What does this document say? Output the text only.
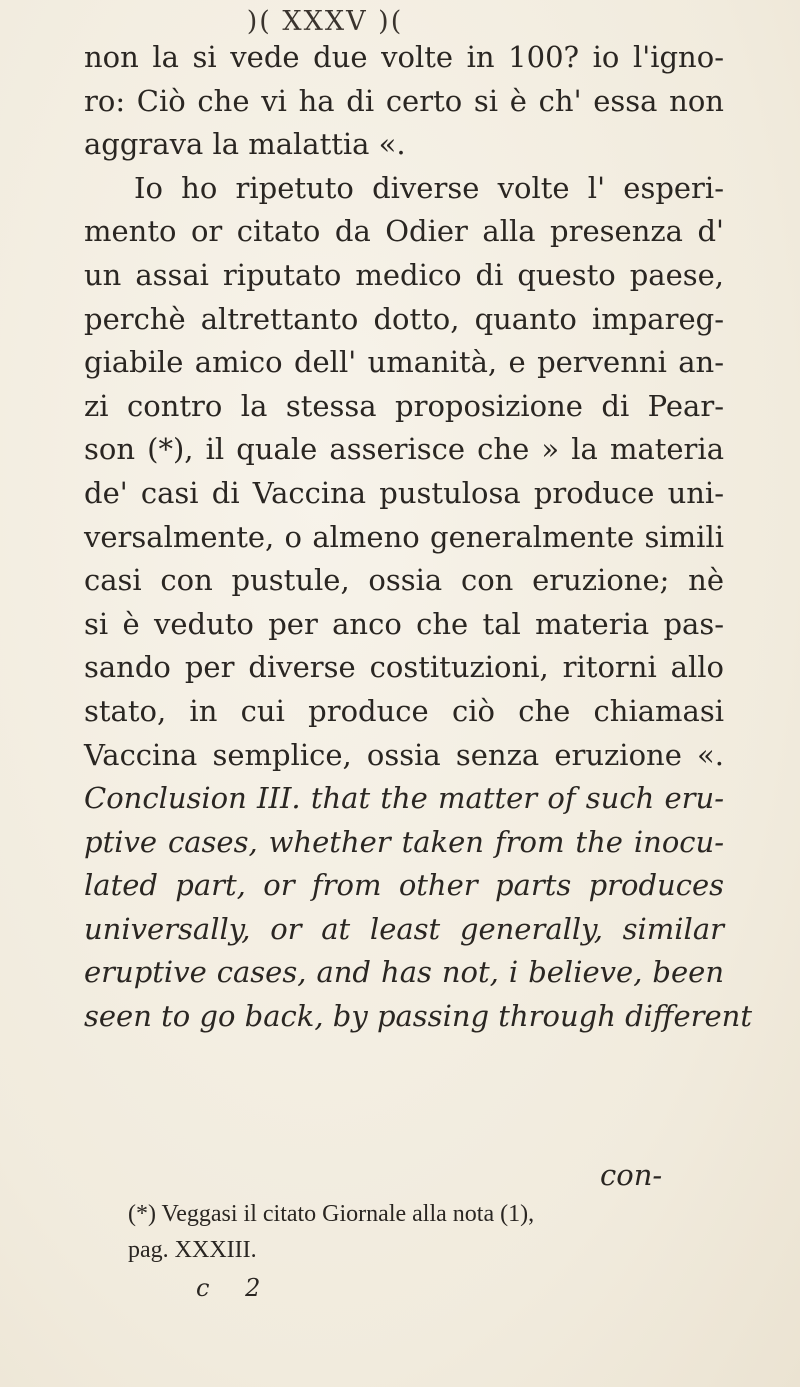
)( XXXV )(
non la si vede due volte in 100? io l'igno-
ro: Ciò che vi ha di certo si è ch' essa non
aggrava la malattia «.
Io ho ripetuto diverse volte l' esperi-
mento or citato da Odier alla presenza d'
un assai riputato medico di questo paese,
perchè altrettanto dotto, quanto impareg-
giabile amico dell' umanità, e pervenni an-
zi contro la stessa proposizione di Pear-
son (*), il quale asserisce che » la materia
de' casi di Vaccina pustulosa produce uni-
versalmente, o almeno generalmente simili
casi con pustule, ossia con eruzione; nè
si è veduto per anco che tal materia pas-
sando per diverse costituzioni, ritorni allo
stato, in cui produce ciò che chiamasi
Vaccina semplice, ossia senza eruzione «.
Conclusion III. that the matter of such eru-
ptive cases, whether taken from the inocu-
lated part, or from other parts produces
universally, or at least generally, similar
eruptive cases, and has not, i believe, been
seen to go back, by passing through different
con-
(*) Veggasi il citato Giornale alla nota (1),
pag. XXXIII.
c 2
